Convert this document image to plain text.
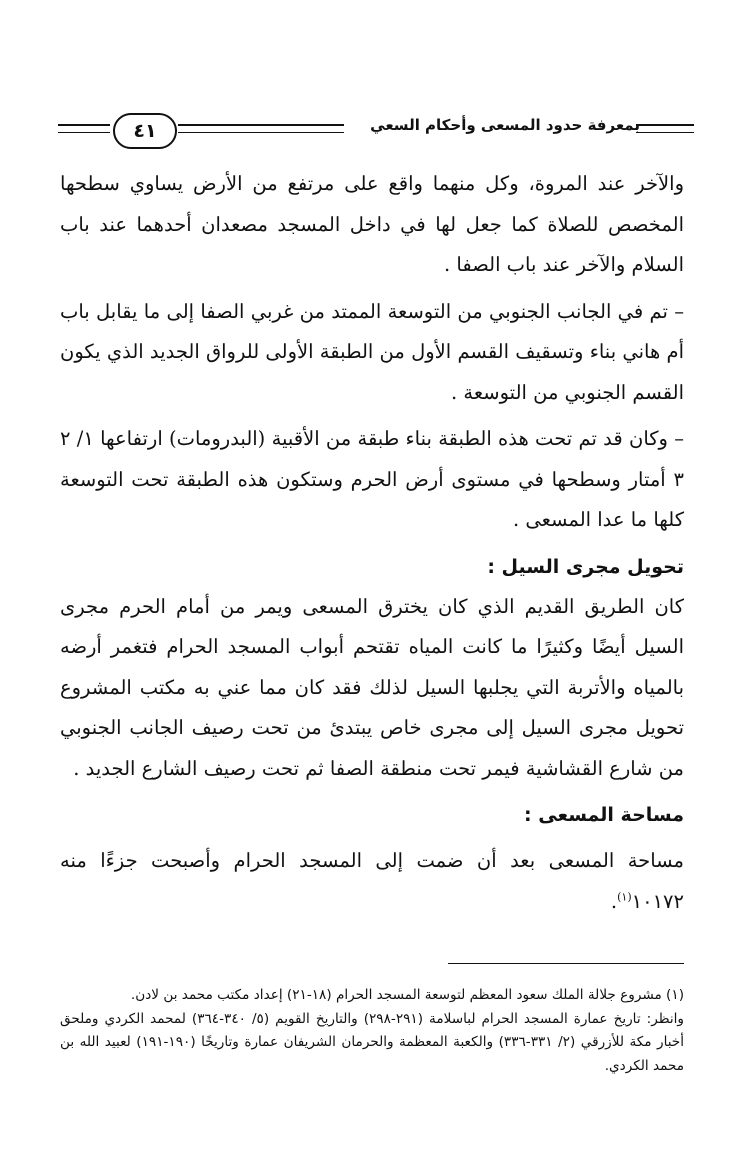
بمعرفة حدود المسعى وأحكام السعي
٤١

والآخر عند المروة، وكل منهما واقع على مرتفع من الأرض يساوي سطحها المخصص للصلاة كما جعل لها في داخل المسجد مصعدان أحدهما عند باب السلام والآخر عند باب الصفا .

– تم في الجانب الجنوبي من التوسعة الممتد من غربي الصفا إلى ما يقابل باب أم هاني بناء وتسقيف القسم الأول من الطبقة الأولى للرواق الجديد الذي يكون القسم الجنوبي من التوسعة .

– وكان قد تم تحت هذه الطبقة بناء طبقة من الأقبية (البدرومات) ارتفاعها ١/ ٢ ٣ أمتار وسطحها في مستوى أرض الحرم وستكون هذه الطبقة تحت التوسعة كلها ما عدا المسعى .

تحويل مجرى السيل :

كان الطريق القديم الذي كان يخترق المسعى ويمر من أمام الحرم مجرى السيل أيضًا وكثيرًا ما كانت المياه تقتحم أبواب المسجد الحرام فتغمر أرضه بالمياه والأتربة التي يجلبها السيل لذلك فقد كان مما عني به مكتب المشروع تحويل مجرى السيل إلى مجرى خاص يبتدئ من تحت رصيف الجانب الجنوبي من شارع القشاشية فيمر تحت منطقة الصفا ثم تحت رصيف الشارع الجديد .

مساحة المسعى :

مساحة المسعى بعد أن ضمت إلى المسجد الحرام وأصبحت جزءًا منه ١٠١٧٢$^{(١)}$.

(١) مشروع جلالة الملك سعود المعظم لتوسعة المسجد الحرام (١٨-٢١) إعداد مكتب محمد بن لادن.

وانظر: تاريخ عمارة المسجد الحرام لباسلامة (٢٩١-٢٩٨) والتاريخ القويم (٥/ ٣٤٠-٣٦٤) لمحمد الكردي وملحق أخبار مكة للأزرقي (٢/ ٣٣١-٣٣٦) والكعبة المعظمة والحرمان الشريفان عمارة وتاريخًا (١٩٠-١٩١) لعبيد الله بن محمد الكردي.
